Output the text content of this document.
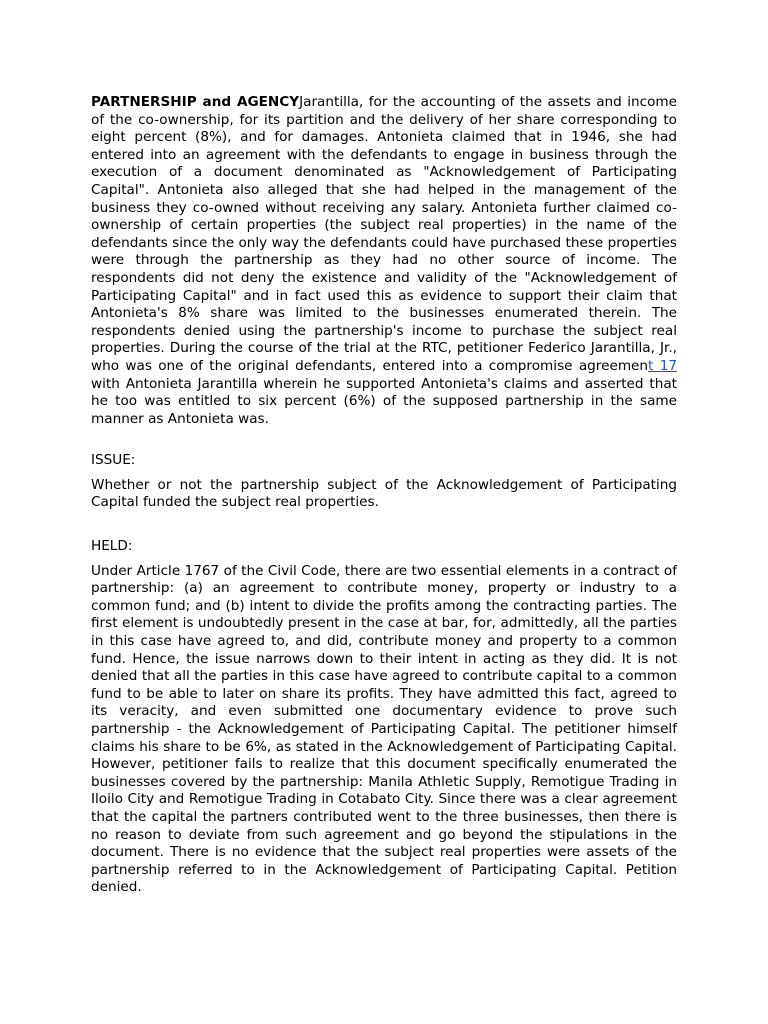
PARTNERSHIP and AGENCYJarantilla, for the accounting of the assets and income of the co-ownership, for its partition and the delivery of her share corresponding to eight percent (8%), and for damages. Antonieta claimed that in 1946, she had entered into an agreement with the defendants to engage in business through the execution of a document denominated as "Acknowledgement of Participating Capital". Antonieta also alleged that she had helped in the management of the business they co-owned without receiving any salary. Antonieta further claimed co-ownership of certain properties (the subject real properties) in the name of the defendants since the only way the defendants could have purchased these properties were through the partnership as they had no other source of income. The respondents did not deny the existence and validity of the "Acknowledgement of Participating Capital" and in fact used this as evidence to support their claim that Antonieta's 8% share was limited to the businesses enumerated therein. The respondents denied using the partnership's income to purchase the subject real properties. During the course of the trial at the RTC, petitioner Federico Jarantilla, Jr., who was one of the original defendants, entered into a compromise agreement 17 with Antonieta Jarantilla wherein he supported Antonieta's claims and asserted that he too was entitled to six percent (6%) of the supposed partnership in the same manner as Antonieta was.

ISSUE:

Whether or not the partnership subject of the Acknowledgement of Participating Capital funded the subject real properties.

HELD:

Under Article 1767 of the Civil Code, there are two essential elements in a contract of partnership: (a) an agreement to contribute money, property or industry to a common fund; and (b) intent to divide the profits among the contracting parties. The first element is undoubtedly present in the case at bar, for, admittedly, all the parties in this case have agreed to, and did, contribute money and property to a common fund. Hence, the issue narrows down to their intent in acting as they did. It is not denied that all the parties in this case have agreed to contribute capital to a common fund to be able to later on share its profits. They have admitted this fact, agreed to its veracity, and even submitted one documentary evidence to prove such partnership - the Acknowledgement of Participating Capital. The petitioner himself claims his share to be 6%, as stated in the Acknowledgement of Participating Capital. However, petitioner fails to realize that this document specifically enumerated the businesses covered by the partnership: Manila Athletic Supply, Remotigue Trading in Iloilo City and Remotigue Trading in Cotabato City. Since there was a clear agreement that the capital the partners contributed went to the three businesses, then there is no reason to deviate from such agreement and go beyond the stipulations in the document. There is no evidence that the subject real properties were assets of the partnership referred to in the Acknowledgement of Participating Capital. Petition denied.
